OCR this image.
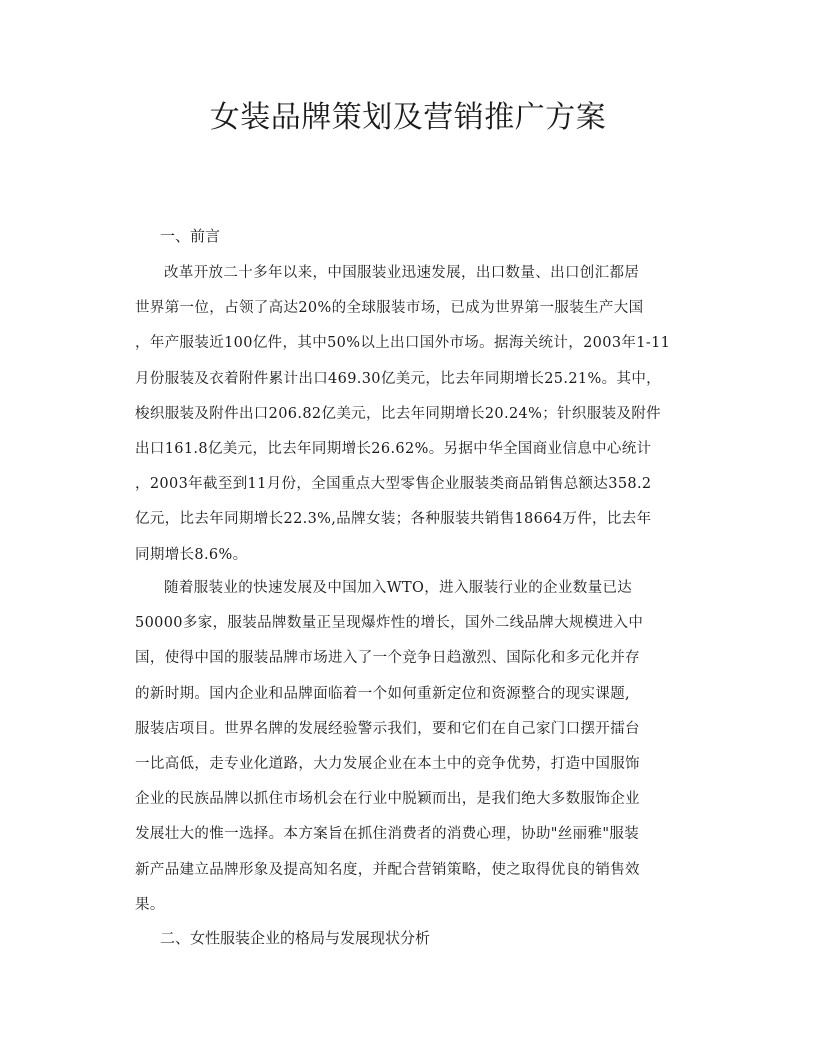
女装品牌策划及营销推广方案
一、前言
改革开放二十多年以来，中国服装业迅速发展，出口数量、出口创汇都居
世界第一位，占领了高达20%的全球服装市场，已成为世界第一服装生产大国
，年产服装近100亿件，其中50%以上出口国外市场。据海关统计，2003年1-11
月份服装及衣着附件累计出口469.30亿美元，比去年同期增长25.21%。其中，
梭织服装及附件出口206.82亿美元，比去年同期增长20.24%；针织服装及附件
出口161.8亿美元，比去年同期增长26.62%。另据中华全国商业信息中心统计
，2003年截至到11月份，全国重点大型零售企业服装类商品销售总额达358.2
亿元，比去年同期增长22.3%,品牌女装；各种服装共销售18664万件，比去年
同期增长8.6%。
随着服装业的快速发展及中国加入WTO，进入服装行业的企业数量已达
50000多家，服装品牌数量正呈现爆炸性的增长，国外二线品牌大规模进入中
国，使得中国的服装品牌市场进入了一个竞争日趋激烈、国际化和多元化并存
的新时期。国内企业和品牌面临着一个如何重新定位和资源整合的现实课题,
服装店项目。世界名牌的发展经验警示我们，要和它们在自己家门口摆开擂台
一比高低，走专业化道路，大力发展企业在本土中的竞争优势，打造中国服饰
企业的民族品牌以抓住市场机会在行业中脱颖而出，是我们绝大多数服饰企业
发展壮大的惟一选择。本方案旨在抓住消费者的消费心理，协助"丝丽雅"服装
新产品建立品牌形象及提高知名度，并配合营销策略，使之取得优良的销售效
果。
二、女性服装企业的格局与发展现状分析
